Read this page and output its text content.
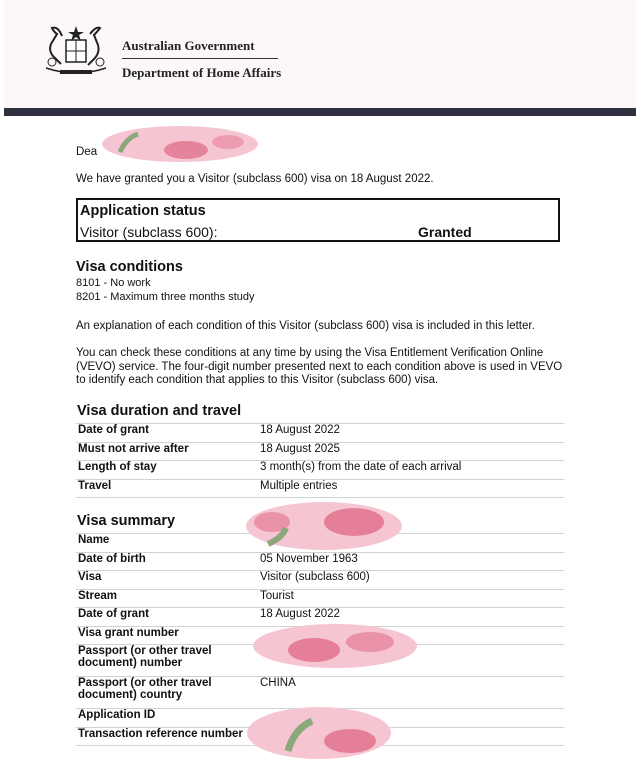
Australian Government
Department of Home Affairs
Dea
We have granted you a Visitor (subclass 600) visa on 18 August 2022.
Application status
Visitor (subclass 600):	Granted
Visa conditions
8101 - No work
8201 - Maximum three months study
An explanation of each condition of this Visitor (subclass 600) visa is included in this letter.
You can check these conditions at any time by using the Visa Entitlement Verification Online (VEVO) service. The four-digit number presented next to each condition above is used in VEVO to identify each condition that applies to this Visitor (subclass 600) visa.
Visa duration and travel
Date of grant	18 August 2022
Must not arrive after	18 August 2025
Length of stay	3 month(s) from the date of each arrival
Travel	Multiple entries
Visa summary
Name	
Date of birth	05 November 1963
Visa	Visitor (subclass 600)
Stream	Tourist
Date of grant	18 August 2022
Visa grant number	
Passport (or other travel document) number	
Passport (or other travel document) country	CHINA
Application ID	
Transaction reference number	
